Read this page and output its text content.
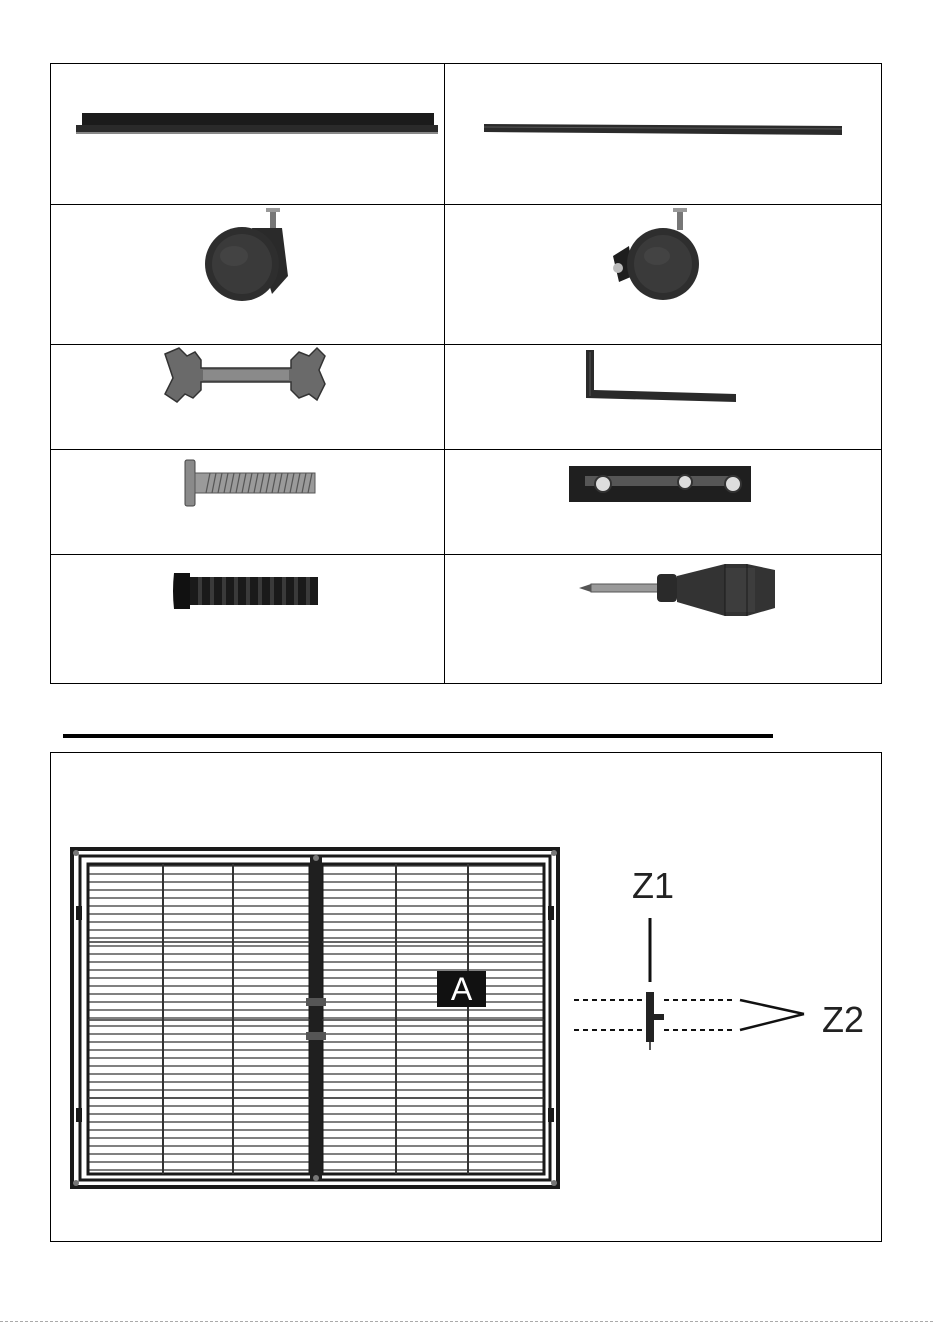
A
Z1
Z2
